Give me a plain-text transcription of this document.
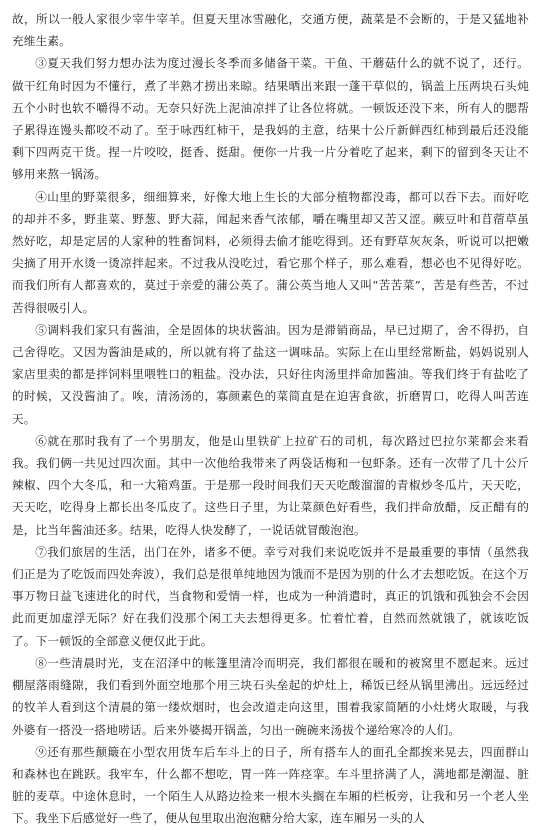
故，所以一般人家很少宰牛宰羊。但夏天里冰雪融化，交通方便，蔬菜是不会断的，于是又猛地补充维生素。

③夏天我们努力想办法为度过漫长冬季而多储备干菜。干鱼、干蘑菇什么的就不说了，还行。做干红角时因为不懂行，煮了半熟才捞出来晾。结果晒出来跟一蓬干草似的，锅盖上压两块石头炖五个小时也软不嚼得不动。无奈只好洗上泥油凉拌了让各位将就。一顿饭还没下来，所有人的腮帮子累得连馒头都咬不动了。至于咏西红柿干，是我妈的主意，结果十公斤新鲜西红柿到最后还没能剩下四两克干货。捏一片咬咬，挺香、挺甜。便你一片我一片分着吃了起来，剩下的留到冬天让不够用来熬一锅汤。

④山里的野菜很多，细细算来，好像大地上生长的大部分植物都没毒，都可以吞下去。而好吃的却并不多，野韭菜、野葱、野大蒜，闻起来香气浓郁，嚼在嘴里却又苦又涩。蕨豆叶和苜蓿草虽然好吃，却是定居的人家种的牲畜饲料，必须得去偷才能吃得到。还有野草灰灰条，听说可以把嫩尖摘了用开水烫一烫凉拌起来。不过我从没吃过，看它那个样子，那么难看，想必也不见得好吃。而我们所有人都喜欢的，莫过于亲爱的蒲公英了。蒲公英当地人又叫“苦苦菜”，苦是有些苦，不过苦得很吸引人。

⑤调料我们家只有酱油，全是固体的块状酱油。因为是滞销商品，早已过期了，舍不得扔，自己舍得吃。又因为酱油是咸的，所以就有将了盐这一调味品。实际上在山里经常断盐，妈妈说别人家店里卖的都是拌饲料里喂牲口的粗盐。没办法，只好往肉汤里拌命加酱油。等我们终于有盐吃了的时候，又没酱油了。唉，清汤汤的，寡颜素色的菜简直是在迫害食欲，折磨胃口，吃得人叫苦连天。

⑥就在那时我有了一个男朋友，他是山里铁矿上拉矿石的司机，每次路过巴拉尔莱都会来看我。我们俩一共见过四次面。其中一次他给我带来了两袋话梅和一包虾条。还有一次带了几十公斤辣椒、四个大冬瓜，和一大箱鸡蛋。于是那一段时间我们天天吃酸溜溜的青椒炒冬瓜片，天天吃，天天吃，吃得身上都长出冬瓜皮了。这些日子里，为让菜颜色好看些，我们拌命放醋，反正醋有的是，比当年酱油还多。结果，吃得人快发酵了，一说话就冒酸泡泡。

⑦我们旅居的生活，出门在外，诸多不便。幸亏对我们来说吃饭并不是最重要的事情（虽然我们正是为了吃饭而四处奔波），我们总是很单纯地因为饿而不是因为别的什么才去想吃饭。在这个万事万物日益飞速进化的时代，当食物和爱情一样，也成为一种消遣时，真正的饥饿和孤独会不会因此而更加虚浮无际？好在我们没那个闲工夫去想得更多。忙着忙着，自然而然就饿了，就该吃饭了。下一顿饭的全部意义便仅此于此。

⑧一些清晨时光，支在沼泽中的帐篷里清冷而明亮，我们都很在暖和的被窝里不愿起来。远过棚屋落雨缝隙，我们看到外面空地那个用三块石头垒起的炉灶上，稀饭已经从锅里沸出。远远经过的牧羊人看到这个清晨的第一缕炊烟时，也会改道走向这里，围着我家简陋的小灶烤火取暖，与我外婆有一搭没一搭地唠话。后来外婆揭开锅盖，匀出一碗碗来汤拔个递给寒冷的人们。

⑨还有那些颠簸在小型农用货车后车斗上的日子，所有搭车人的面孔全都挨来晃去，四面群山和森林也在跳跃。我牢车，什么都不想吃，胃一阵一阵痉挛。车斗里挤满了人，满地都是潮湿、脏脏的麦草。中途休息时，一个陌生人从路边捡来一根木头搁在车厢的栏板旁，让我和另一个老人坐下。我坐下后感觉好一些了，便从包里取出泡泡糖分给大家，连车厢另一头的人
